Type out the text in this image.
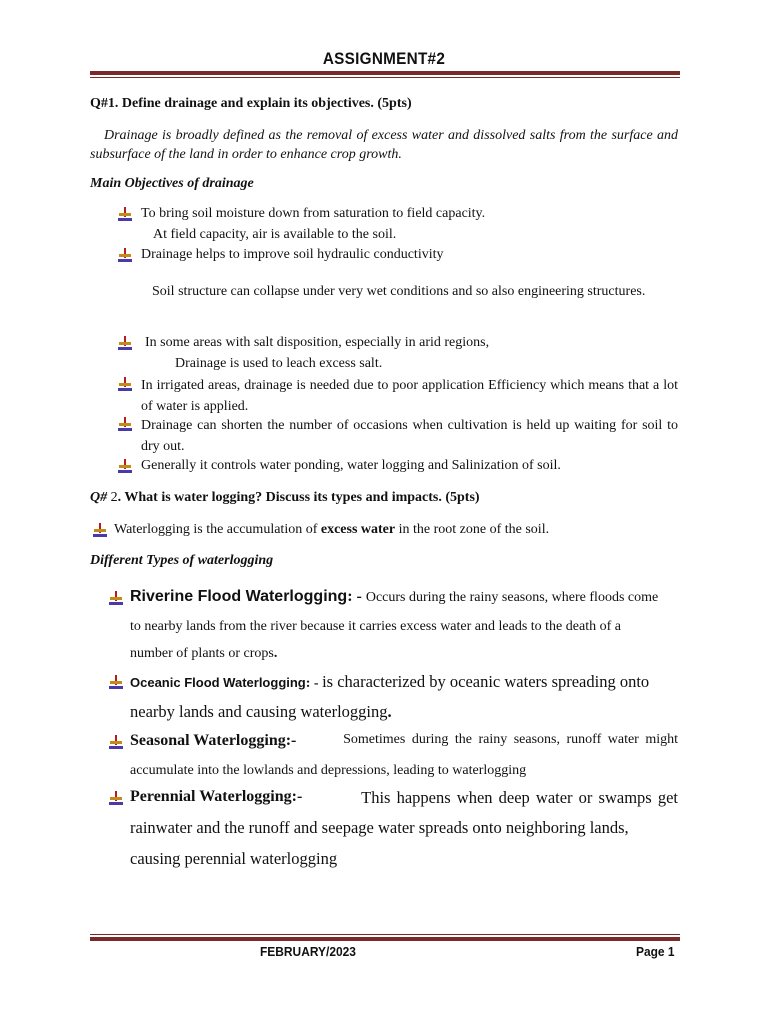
ASSIGNMENT#2
Q#1. Define drainage and explain its objectives. (5pts)
Drainage is broadly defined as the removal of excess water and dissolved salts from the surface and subsurface of the land in order to enhance crop growth.
Main Objectives of drainage
To bring soil moisture down from saturation to field capacity.
At field capacity, air is available to the soil.
Drainage helps to improve soil hydraulic conductivity
Soil structure can collapse under very wet conditions and so also engineering structures.
In some areas with salt disposition, especially in arid regions,
Drainage is used to leach excess salt.
In irrigated areas, drainage is needed due to poor application Efficiency which means that a lot of water is applied.
Drainage can shorten the number of occasions when cultivation is held up waiting for soil to dry out.
Generally it controls water ponding, water logging and Salinization of soil.
Q# 2. What is water logging? Discuss its types and impacts. (5pts)
Waterlogging is the accumulation of excess water in the root zone of the soil.
Different Types of waterlogging
Riverine Flood Waterlogging: - Occurs during the rainy seasons, where floods come
to nearby lands from the river because it carries excess water and leads to the death of a
number of plants or crops.
Oceanic Flood Waterlogging: - is characterized by oceanic waters spreading onto
nearby lands and causing waterlogging.
Seasonal Waterlogging:-	Sometimes during the rainy seasons, runoff water might
accumulate into the lowlands and depressions, leading to waterlogging
Perennial Waterlogging:-	This happens when deep water or swamps get
rainwater and the runoff and seepage water spreads onto neighboring lands,
causing perennial waterlogging
FEBRUARY/2023	Page 1
